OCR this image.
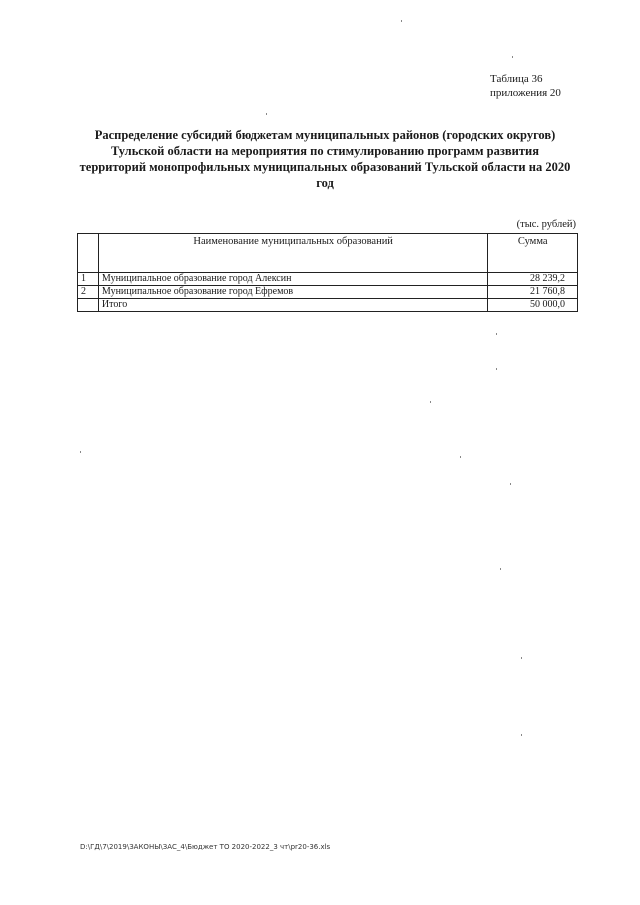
Таблица 36
приложения 20
Распределение субсидий бюджетам муниципальных районов (городских округов) Тульской области на мероприятия по стимулированию программ развития территорий монопрофильных муниципальных образований Тульской области на 2020 год
(тыс. рублей)
	Наименование муниципальных образований	Сумма
1	Муниципальное образование город Алексин	28 239,2
2	Муниципальное образование город Ефремов	21 760,8
	Итого	50 000,0
D:\ГД\7\2019\ЗАКОНЫ\ЗАС_4\Бюджет ТО 2020-2022_3 чт\pr20-36.xls
